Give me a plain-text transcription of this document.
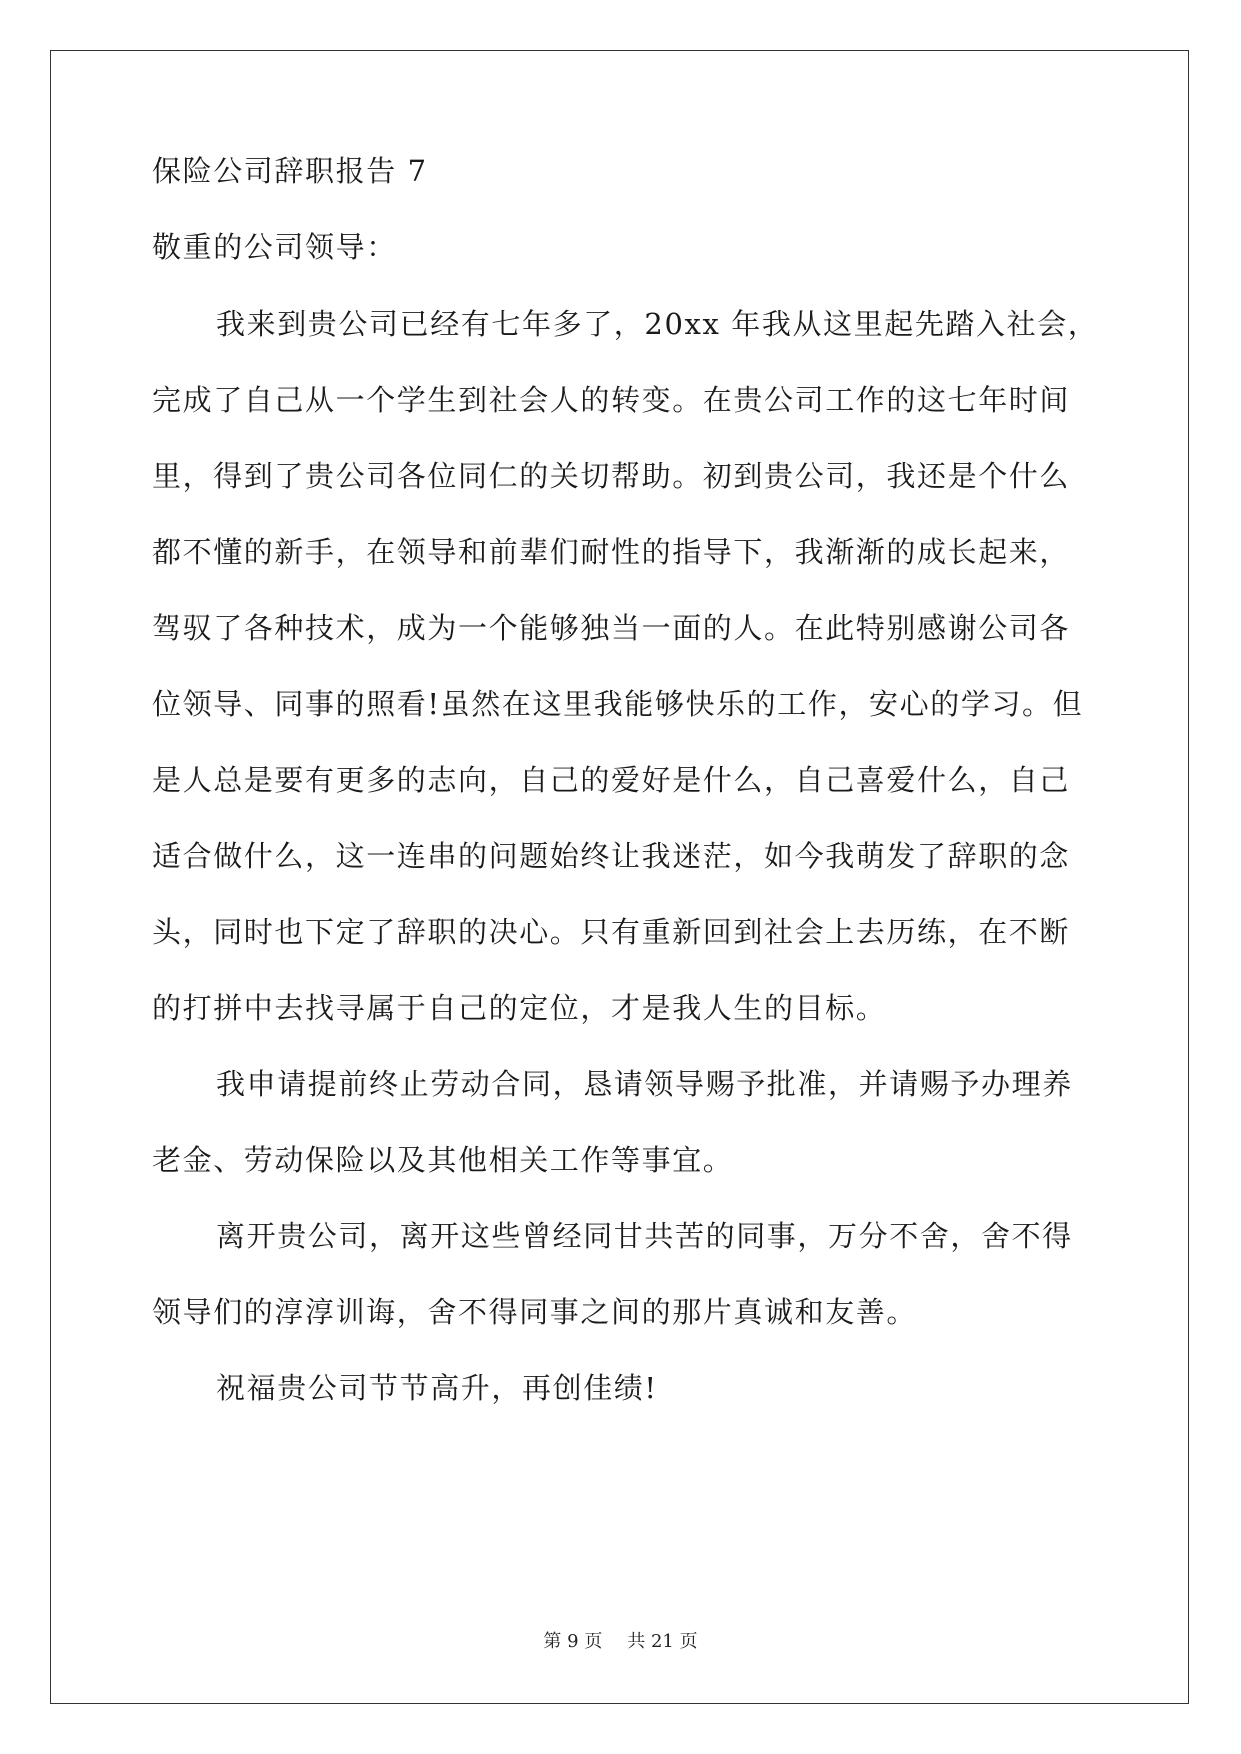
保险公司辞职报告 7
敬重的公司领导：
我来到贵公司已经有七年多了，20xx 年我从这里起先踏入社会，
完成了自己从一个学生到社会人的转变。在贵公司工作的这七年时间
里，得到了贵公司各位同仁的关切帮助。初到贵公司，我还是个什么
都不懂的新手，在领导和前辈们耐性的指导下，我渐渐的成长起来，
驾驭了各种技术，成为一个能够独当一面的人。在此特别感谢公司各
位领导、同事的照看!虽然在这里我能够快乐的工作，安心的学习。但
是人总是要有更多的志向，自己的爱好是什么，自己喜爱什么，自己
适合做什么，这一连串的问题始终让我迷茫，如今我萌发了辞职的念
头，同时也下定了辞职的决心。只有重新回到社会上去历练，在不断
的打拼中去找寻属于自己的定位，才是我人生的目标。
我申请提前终止劳动合同，恳请领导赐予批准，并请赐予办理养
老金、劳动保险以及其他相关工作等事宜。
离开贵公司，离开这些曾经同甘共苦的同事，万分不舍，舍不得
领导们的淳淳训诲，舍不得同事之间的那片真诚和友善。
祝福贵公司节节高升，再创佳绩!
第 9 页 共 21 页
